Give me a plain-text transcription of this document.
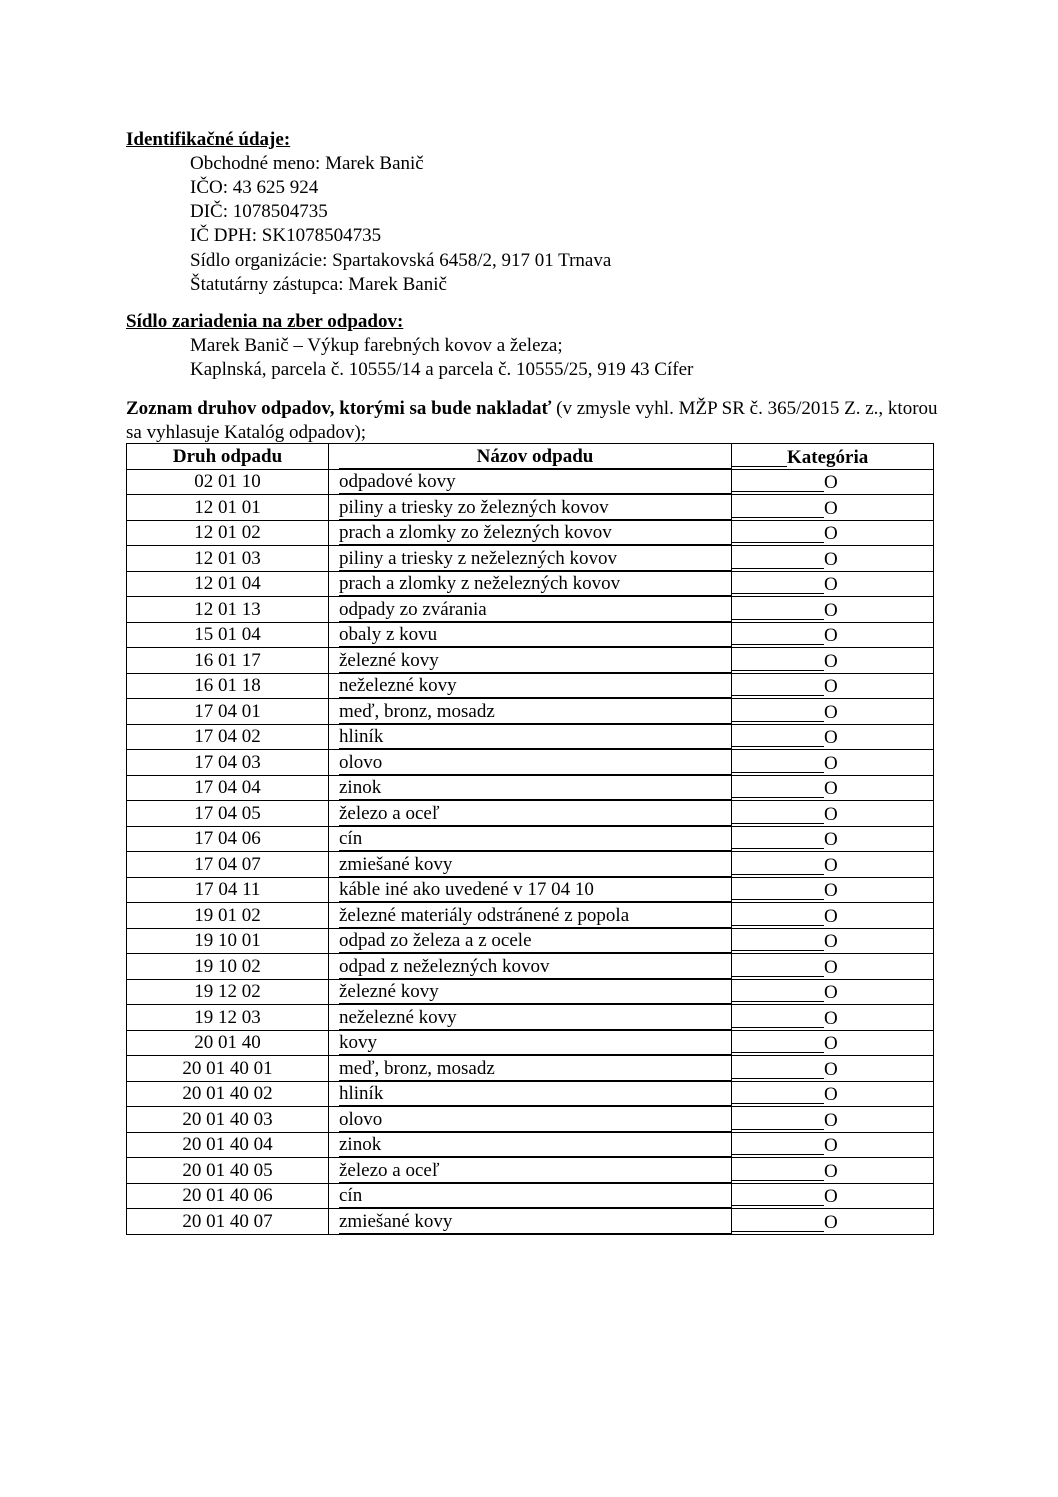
Identifikačné údaje:
Obchodné meno: Marek Banič
IČO: 43 625 924
DIČ: 1078504735
IČ DPH: SK1078504735
Sídlo organizácie: Spartakovská 6458/2, 917 01 Trnava
Štatutárny zástupca: Marek Banič
Sídlo zariadenia na zber odpadov:
Marek Banič – Výkup farebných kovov a železa;
Kaplnská, parcela č. 10555/14 a parcela č. 10555/25, 919 43 Cífer
Zoznam druhov odpadov, ktorými sa bude nakladať (v zmysle vyhl. MŽP SR č. 365/2015 Z. z., ktorou sa vyhlasuje Katalóg odpadov);
Druh odpadu	Názov odpadu	Kategória

02 01 10	odpadové kovy	O

12 01 01	piliny a triesky zo železných kovov	O

12 01 02	prach a zlomky zo železných kovov	O

12 01 03	piliny a triesky z neželezných kovov	O

12 01 04	prach a zlomky z neželezných kovov	O

12 01 13	odpady zo zvárania	O

15 01 04	obaly z kovu	O

16 01 17	železné kovy	O

16 01 18	neželezné kovy	O

17 04 01	meď, bronz, mosadz	O

17 04 02	hliník	O

17 04 03	olovo	O

17 04 04	zinok	O

17 04 05	železo a oceľ	O

17 04 06	cín	O

17 04 07	zmiešané kovy	O

17 04 11	káble iné ako uvedené v 17 04 10	O

19 01 02	železné materiály odstránené z popola	O

19 10 01	odpad zo železa a z ocele	O

19 10 02	odpad z neželezných kovov	O

19 12 02	železné kovy	O

19 12 03	neželezné kovy	O

20 01 40	kovy	O

20 01 40 01	meď, bronz, mosadz	O

20 01 40 02	hliník	O

20 01 40 03	olovo	O

20 01 40 04	zinok	O

20 01 40 05	železo a oceľ	O

20 01 40 06	cín	O

20 01 40 07	zmiešané kovy	O
